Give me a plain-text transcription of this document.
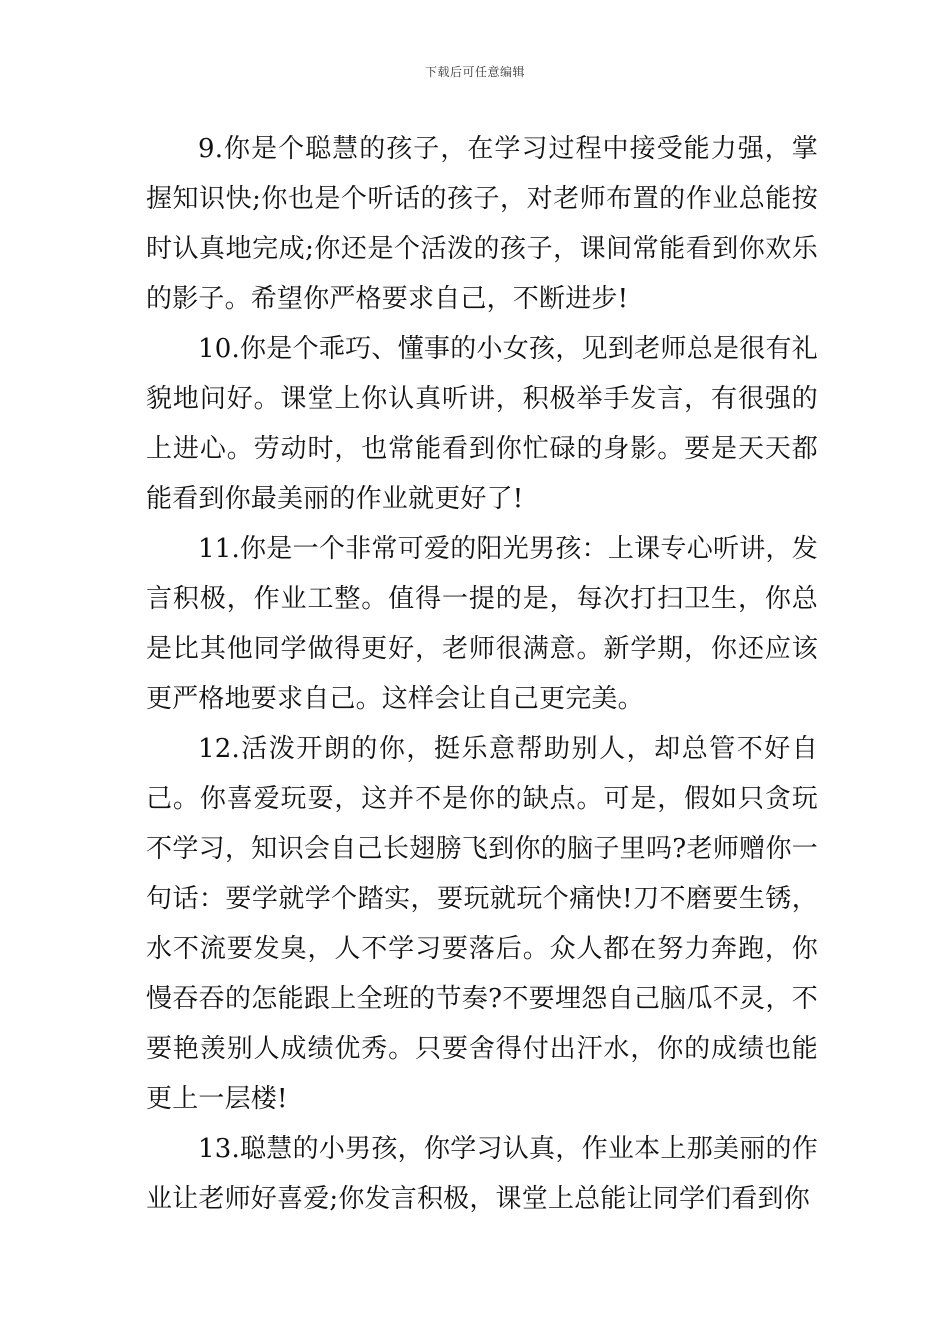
下载后可任意编辑

9.你是个聪慧的孩子，在学习过程中接受能力强，掌握知识快;你也是个听话的孩子，对老师布置的作业总能按时认真地完成;你还是个活泼的孩子，课间常能看到你欢乐的影子。希望你严格要求自己，不断进步!

10.你是个乖巧、懂事的小女孩，见到老师总是很有礼貌地问好。课堂上你认真听讲，积极举手发言，有很强的上进心。劳动时，也常能看到你忙碌的身影。要是天天都能看到你最美丽的作业就更好了!

11.你是一个非常可爱的阳光男孩：上课专心听讲，发言积极，作业工整。值得一提的是，每次打扫卫生，你总是比其他同学做得更好，老师很满意。新学期，你还应该更严格地要求自己。这样会让自己更完美。

12.活泼开朗的你，挺乐意帮助别人，却总管不好自己。你喜爱玩耍，这并不是你的缺点。可是，假如只贪玩不学习，知识会自己长翅膀飞到你的脑子里吗?老师赠你一句话：要学就学个踏实，要玩就玩个痛快!刀不磨要生锈，水不流要发臭，人不学习要落后。众人都在努力奔跑，你慢吞吞的怎能跟上全班的节奏?不要埋怨自己脑瓜不灵，不要艳羡别人成绩优秀。只要舍得付出汗水，你的成绩也能更上一层楼!

13.聪慧的小男孩，你学习认真，作业本上那美丽的作业让老师好喜爱;你发言积极，课堂上总能让同学们看到你
